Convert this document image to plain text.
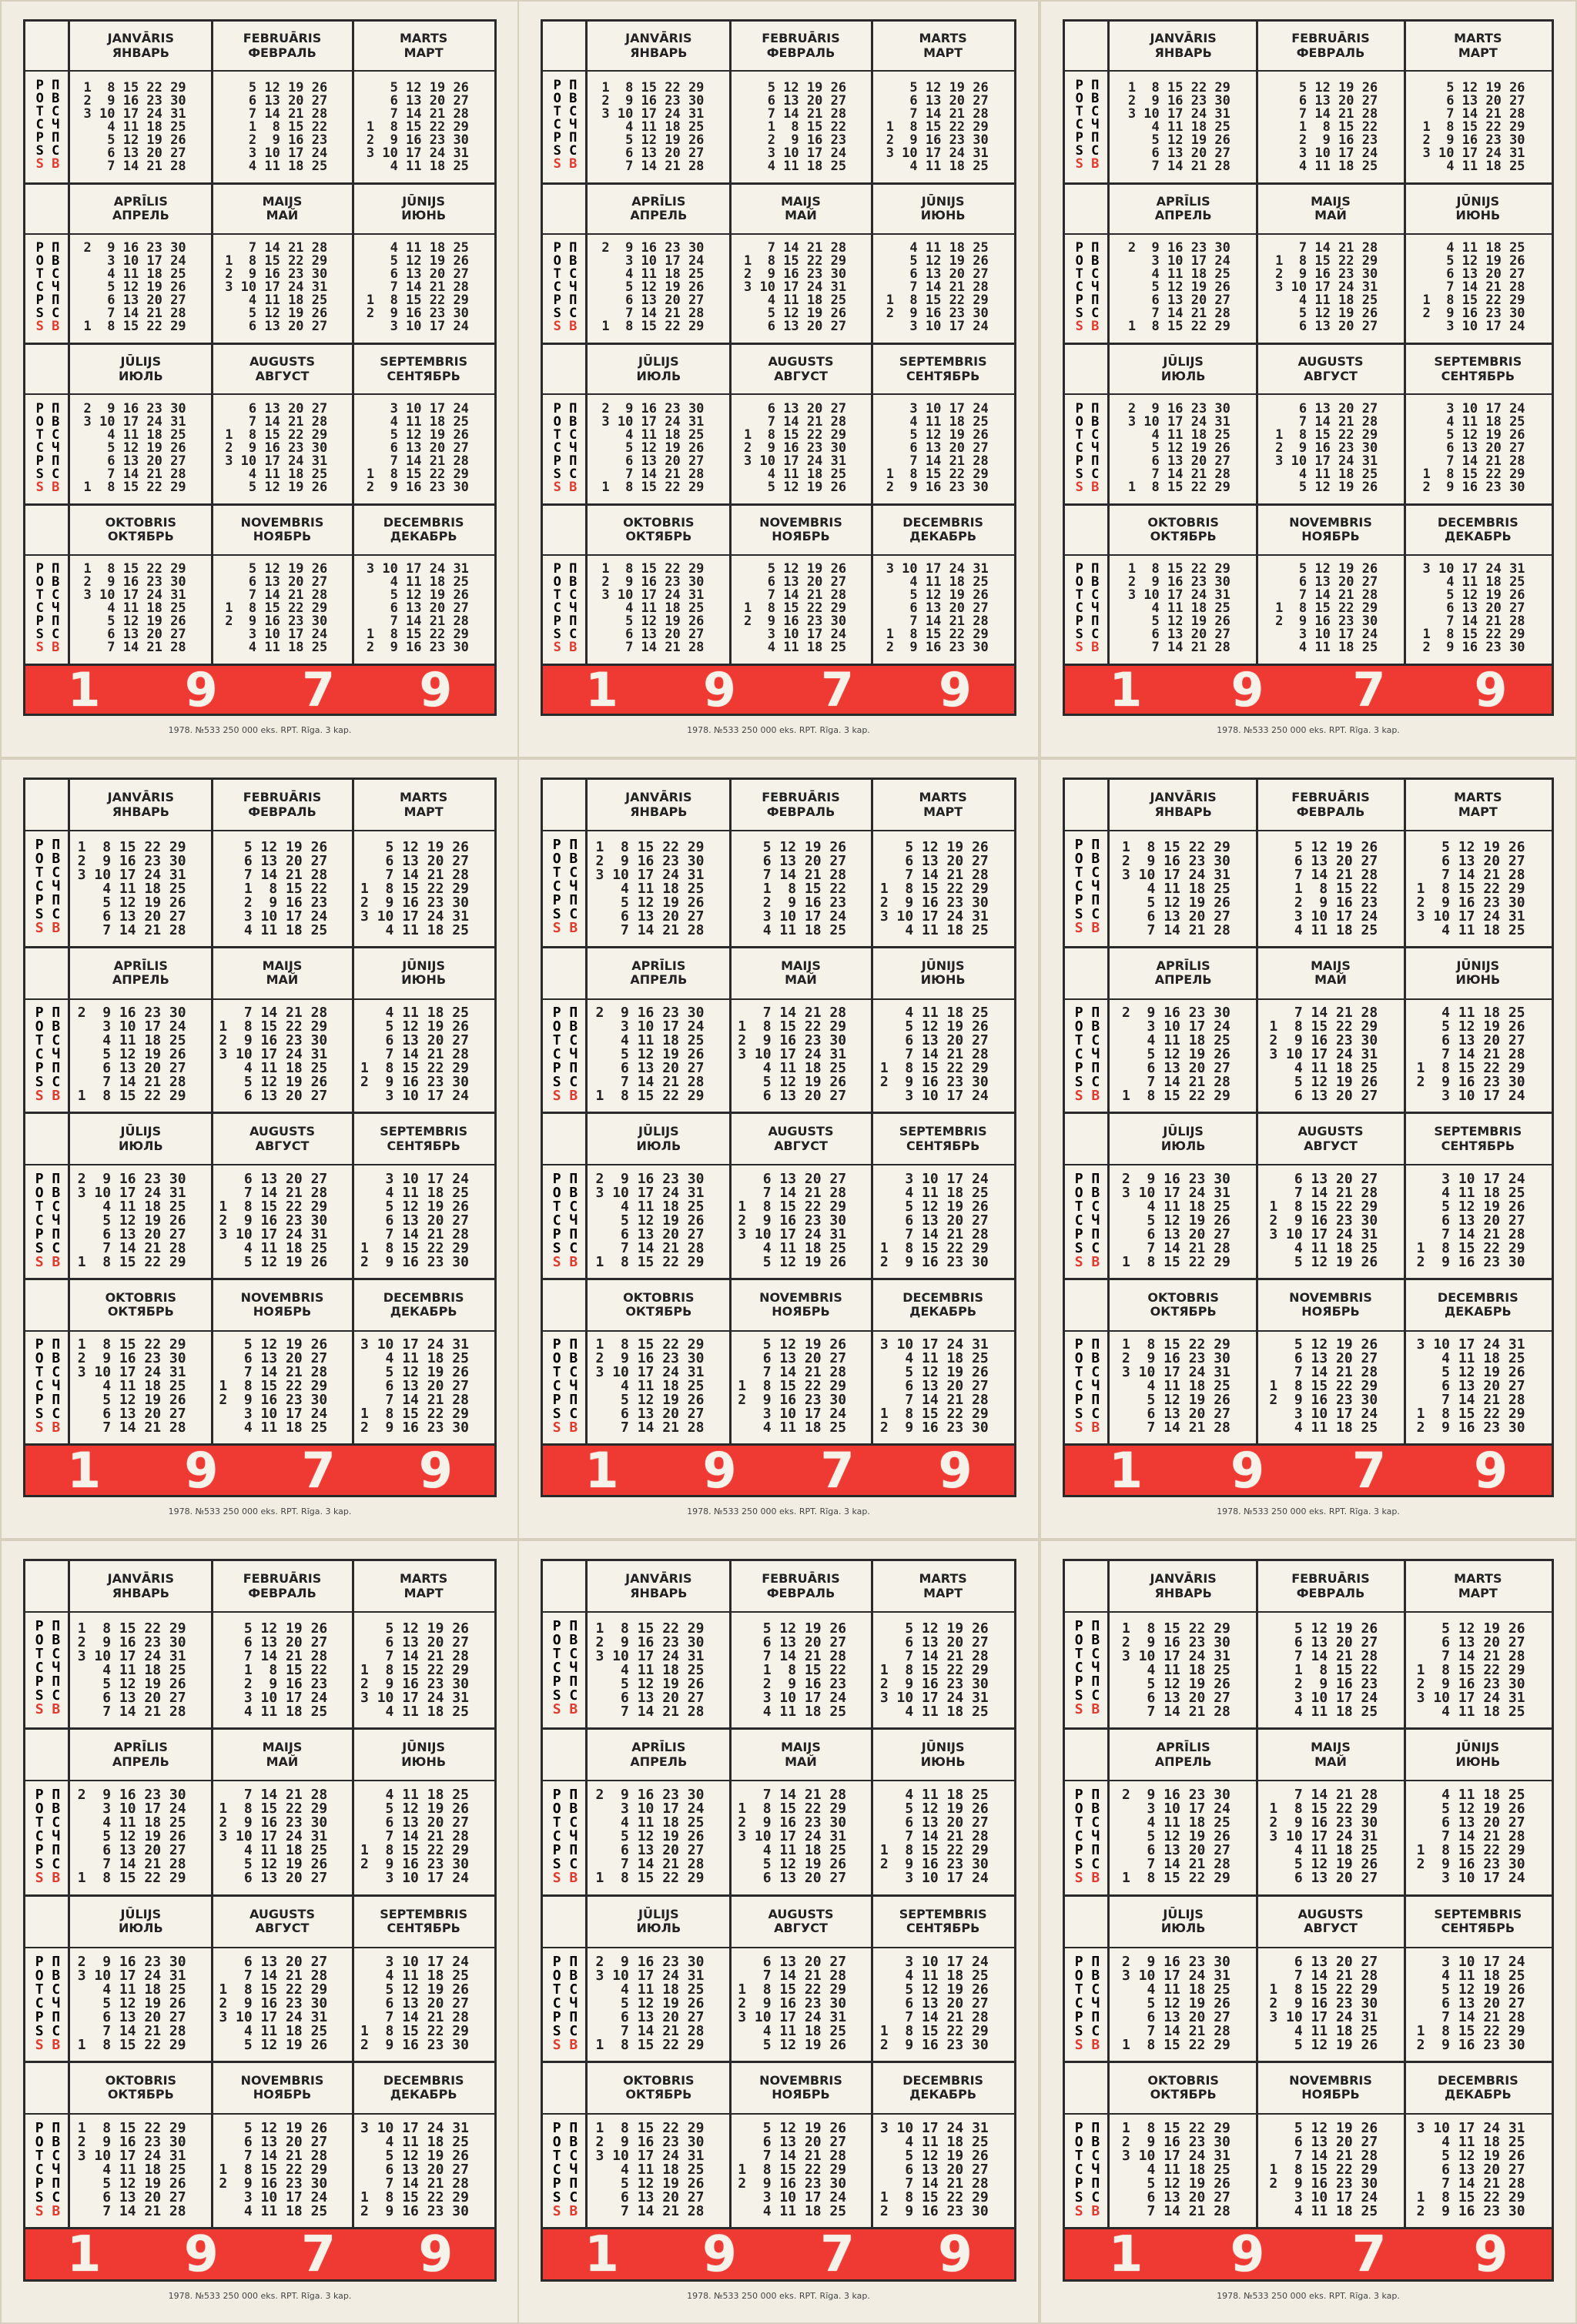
P П
O В
T С
C Ч
P П
S С
S B
JANVĀRIS
ЯНВАРЬ
1  8 15 22 29
2  9 16 23 30
3 10 17 24 31
4 11 18 25
5 12 19 26
6 13 20 27
7 14 21 28
FEBRUĀRIS
ФЕВРАЛЬ
5 12 19 26
6 13 20 27
7 14 21 28
1  8 15 22
2  9 16 23
3 10 17 24
4 11 18 25
MARTS
МАРТ
5 12 19 26
6 13 20 27
7 14 21 28
1  8 15 22 29
2  9 16 23 30
3 10 17 24 31
4 11 18 25
P П
O В
T С
C Ч
P П
S С
S B
APRĪLIS
АПРЕЛЬ
2  9 16 23 30
3 10 17 24
4 11 18 25
5 12 19 26
6 13 20 27
7 14 21 28
1  8 15 22 29
MAIJS
МАЙ
7 14 21 28
1  8 15 22 29
2  9 16 23 30
3 10 17 24 31
4 11 18 25
5 12 19 26
6 13 20 27
JŪNIJS
ИЮНЬ
4 11 18 25
5 12 19 26
6 13 20 27
7 14 21 28
1  8 15 22 29
2  9 16 23 30
3 10 17 24
P П
O В
T С
C Ч
P П
S С
S B
JŪLIJS
ИЮЛЬ
2  9 16 23 30
3 10 17 24 31
4 11 18 25
5 12 19 26
6 13 20 27
7 14 21 28
1  8 15 22 29
AUGUSTS
АВГУСТ
6 13 20 27
7 14 21 28
1  8 15 22 29
2  9 16 23 30
3 10 17 24 31
4 11 18 25
5 12 19 26
SEPTEMBRIS
СЕНТЯБРЬ
3 10 17 24
4 11 18 25
5 12 19 26
6 13 20 27
7 14 21 28
1  8 15 22 29
2  9 16 23 30
P П
O В
T С
C Ч
P П
S С
S B
OKTOBRIS
ОКТЯБРЬ
1  8 15 22 29
2  9 16 23 30
3 10 17 24 31
4 11 18 25
5 12 19 26
6 13 20 27
7 14 21 28
NOVEMBRIS
НОЯБРЬ
5 12 19 26
6 13 20 27
7 14 21 28
1  8 15 22 29
2  9 16 23 30
3 10 17 24
4 11 18 25
DECEMBRIS
ДЕКАБРЬ
3 10 17 24 31
4 11 18 25
5 12 19 26
6 13 20 27
7 14 21 28
1  8 15 22 29
2  9 16 23 30
1 9 7 9
1978. №533 250 000 eks. RPT. Rīga. 3 kap.
P П
O В
T С
C Ч
P П
S С
S B
JANVĀRIS
ЯНВАРЬ
1  8 15 22 29
2  9 16 23 30
3 10 17 24 31
4 11 18 25
5 12 19 26
6 13 20 27
7 14 21 28
FEBRUĀRIS
ФЕВРАЛЬ
5 12 19 26
6 13 20 27
7 14 21 28
1  8 15 22
2  9 16 23
3 10 17 24
4 11 18 25
MARTS
МАРТ
5 12 19 26
6 13 20 27
7 14 21 28
1  8 15 22 29
2  9 16 23 30
3 10 17 24 31
4 11 18 25
P П
O В
T С
C Ч
P П
S С
S B
APRĪLIS
АПРЕЛЬ
2  9 16 23 30
3 10 17 24
4 11 18 25
5 12 19 26
6 13 20 27
7 14 21 28
1  8 15 22 29
MAIJS
МАЙ
7 14 21 28
1  8 15 22 29
2  9 16 23 30
3 10 17 24 31
4 11 18 25
5 12 19 26
6 13 20 27
JŪNIJS
ИЮНЬ
4 11 18 25
5 12 19 26
6 13 20 27
7 14 21 28
1  8 15 22 29
2  9 16 23 30
3 10 17 24
P П
O В
T С
C Ч
P П
S С
S B
JŪLIJS
ИЮЛЬ
2  9 16 23 30
3 10 17 24 31
4 11 18 25
5 12 19 26
6 13 20 27
7 14 21 28
1  8 15 22 29
AUGUSTS
АВГУСТ
6 13 20 27
7 14 21 28
1  8 15 22 29
2  9 16 23 30
3 10 17 24 31
4 11 18 25
5 12 19 26
SEPTEMBRIS
СЕНТЯБРЬ
3 10 17 24
4 11 18 25
5 12 19 26
6 13 20 27
7 14 21 28
1  8 15 22 29
2  9 16 23 30
P П
O В
T С
C Ч
P П
S С
S B
OKTOBRIS
ОКТЯБРЬ
1  8 15 22 29
2  9 16 23 30
3 10 17 24 31
4 11 18 25
5 12 19 26
6 13 20 27
7 14 21 28
NOVEMBRIS
НОЯБРЬ
5 12 19 26
6 13 20 27
7 14 21 28
1  8 15 22 29
2  9 16 23 30
3 10 17 24
4 11 18 25
DECEMBRIS
ДЕКАБРЬ
3 10 17 24 31
4 11 18 25
5 12 19 26
6 13 20 27
7 14 21 28
1  8 15 22 29
2  9 16 23 30
1 9 7 9
1978. №533 250 000 eks. RPT. Rīga. 3 kap.
P П
O В
T С
C Ч
P П
S С
S B
JANVĀRIS
ЯНВАРЬ
1  8 15 22 29
2  9 16 23 30
3 10 17 24 31
4 11 18 25
5 12 19 26
6 13 20 27
7 14 21 28
FEBRUĀRIS
ФЕВРАЛЬ
5 12 19 26
6 13 20 27
7 14 21 28
1  8 15 22
2  9 16 23
3 10 17 24
4 11 18 25
MARTS
МАРТ
5 12 19 26
6 13 20 27
7 14 21 28
1  8 15 22 29
2  9 16 23 30
3 10 17 24 31
4 11 18 25
P П
O В
T С
C Ч
P П
S С
S B
APRĪLIS
АПРЕЛЬ
2  9 16 23 30
3 10 17 24
4 11 18 25
5 12 19 26
6 13 20 27
7 14 21 28
1  8 15 22 29
MAIJS
МАЙ
7 14 21 28
1  8 15 22 29
2  9 16 23 30
3 10 17 24 31
4 11 18 25
5 12 19 26
6 13 20 27
JŪNIJS
ИЮНЬ
4 11 18 25
5 12 19 26
6 13 20 27
7 14 21 28
1  8 15 22 29
2  9 16 23 30
3 10 17 24
P П
O В
T С
C Ч
P П
S С
S B
JŪLIJS
ИЮЛЬ
2  9 16 23 30
3 10 17 24 31
4 11 18 25
5 12 19 26
6 13 20 27
7 14 21 28
1  8 15 22 29
AUGUSTS
АВГУСТ
6 13 20 27
7 14 21 28
1  8 15 22 29
2  9 16 23 30
3 10 17 24 31
4 11 18 25
5 12 19 26
SEPTEMBRIS
СЕНТЯБРЬ
3 10 17 24
4 11 18 25
5 12 19 26
6 13 20 27
7 14 21 28
1  8 15 22 29
2  9 16 23 30
P П
O В
T С
C Ч
P П
S С
S B
OKTOBRIS
ОКТЯБРЬ
1  8 15 22 29
2  9 16 23 30
3 10 17 24 31
4 11 18 25
5 12 19 26
6 13 20 27
7 14 21 28
NOVEMBRIS
НОЯБРЬ
5 12 19 26
6 13 20 27
7 14 21 28
1  8 15 22 29
2  9 16 23 30
3 10 17 24
4 11 18 25
DECEMBRIS
ДЕКАБРЬ
3 10 17 24 31
4 11 18 25
5 12 19 26
6 13 20 27
7 14 21 28
1  8 15 22 29
2  9 16 23 30
1 9 7 9
1978. №533 250 000 eks. RPT. Rīga. 3 kap.
P П
O В
T С
C Ч
P П
S С
S B
JANVĀRIS
ЯНВАРЬ
1  8 15 22 29
2  9 16 23 30
3 10 17 24 31
4 11 18 25
5 12 19 26
6 13 20 27
7 14 21 28
FEBRUĀRIS
ФЕВРАЛЬ
5 12 19 26
6 13 20 27
7 14 21 28
1  8 15 22
2  9 16 23
3 10 17 24
4 11 18 25
MARTS
МАРТ
5 12 19 26
6 13 20 27
7 14 21 28
1  8 15 22 29
2  9 16 23 30
3 10 17 24 31
4 11 18 25
P П
O В
T С
C Ч
P П
S С
S B
APRĪLIS
АПРЕЛЬ
2  9 16 23 30
3 10 17 24
4 11 18 25
5 12 19 26
6 13 20 27
7 14 21 28
1  8 15 22 29
MAIJS
МАЙ
7 14 21 28
1  8 15 22 29
2  9 16 23 30
3 10 17 24 31
4 11 18 25
5 12 19 26
6 13 20 27
JŪNIJS
ИЮНЬ
4 11 18 25
5 12 19 26
6 13 20 27
7 14 21 28
1  8 15 22 29
2  9 16 23 30
3 10 17 24
P П
O В
T С
C Ч
P П
S С
S B
JŪLIJS
ИЮЛЬ
2  9 16 23 30
3 10 17 24 31
4 11 18 25
5 12 19 26
6 13 20 27
7 14 21 28
1  8 15 22 29
AUGUSTS
АВГУСТ
6 13 20 27
7 14 21 28
1  8 15 22 29
2  9 16 23 30
3 10 17 24 31
4 11 18 25
5 12 19 26
SEPTEMBRIS
СЕНТЯБРЬ
3 10 17 24
4 11 18 25
5 12 19 26
6 13 20 27
7 14 21 28
1  8 15 22 29
2  9 16 23 30
P П
O В
T С
C Ч
P П
S С
S B
OKTOBRIS
ОКТЯБРЬ
1  8 15 22 29
2  9 16 23 30
3 10 17 24 31
4 11 18 25
5 12 19 26
6 13 20 27
7 14 21 28
NOVEMBRIS
НОЯБРЬ
5 12 19 26
6 13 20 27
7 14 21 28
1  8 15 22 29
2  9 16 23 30
3 10 17 24
4 11 18 25
DECEMBRIS
ДЕКАБРЬ
3 10 17 24 31
4 11 18 25
5 12 19 26
6 13 20 27
7 14 21 28
1  8 15 22 29
2  9 16 23 30
1 9 7 9
1978. №533 250 000 eks. RPT. Rīga. 3 kap.
P П
O В
T С
C Ч
P П
S С
S B
JANVĀRIS
ЯНВАРЬ
1  8 15 22 29
2  9 16 23 30
3 10 17 24 31
4 11 18 25
5 12 19 26
6 13 20 27
7 14 21 28
FEBRUĀRIS
ФЕВРАЛЬ
5 12 19 26
6 13 20 27
7 14 21 28
1  8 15 22
2  9 16 23
3 10 17 24
4 11 18 25
MARTS
МАРТ
5 12 19 26
6 13 20 27
7 14 21 28
1  8 15 22 29
2  9 16 23 30
3 10 17 24 31
4 11 18 25
P П
O В
T С
C Ч
P П
S С
S B
APRĪLIS
АПРЕЛЬ
2  9 16 23 30
3 10 17 24
4 11 18 25
5 12 19 26
6 13 20 27
7 14 21 28
1  8 15 22 29
MAIJS
МАЙ
7 14 21 28
1  8 15 22 29
2  9 16 23 30
3 10 17 24 31
4 11 18 25
5 12 19 26
6 13 20 27
JŪNIJS
ИЮНЬ
4 11 18 25
5 12 19 26
6 13 20 27
7 14 21 28
1  8 15 22 29
2  9 16 23 30
3 10 17 24
P П
O В
T С
C Ч
P П
S С
S B
JŪLIJS
ИЮЛЬ
2  9 16 23 30
3 10 17 24 31
4 11 18 25
5 12 19 26
6 13 20 27
7 14 21 28
1  8 15 22 29
AUGUSTS
АВГУСТ
6 13 20 27
7 14 21 28
1  8 15 22 29
2  9 16 23 30
3 10 17 24 31
4 11 18 25
5 12 19 26
SEPTEMBRIS
СЕНТЯБРЬ
3 10 17 24
4 11 18 25
5 12 19 26
6 13 20 27
7 14 21 28
1  8 15 22 29
2  9 16 23 30
P П
O В
T С
C Ч
P П
S С
S B
OKTOBRIS
ОКТЯБРЬ
1  8 15 22 29
2  9 16 23 30
3 10 17 24 31
4 11 18 25
5 12 19 26
6 13 20 27
7 14 21 28
NOVEMBRIS
НОЯБРЬ
5 12 19 26
6 13 20 27
7 14 21 28
1  8 15 22 29
2  9 16 23 30
3 10 17 24
4 11 18 25
DECEMBRIS
ДЕКАБРЬ
3 10 17 24 31
4 11 18 25
5 12 19 26
6 13 20 27
7 14 21 28
1  8 15 22 29
2  9 16 23 30
1 9 7 9
1978. №533 250 000 eks. RPT. Rīga. 3 kap.
P П
O В
T С
C Ч
P П
S С
S B
JANVĀRIS
ЯНВАРЬ
1  8 15 22 29
2  9 16 23 30
3 10 17 24 31
4 11 18 25
5 12 19 26
6 13 20 27
7 14 21 28
FEBRUĀRIS
ФЕВРАЛЬ
5 12 19 26
6 13 20 27
7 14 21 28
1  8 15 22
2  9 16 23
3 10 17 24
4 11 18 25
MARTS
МАРТ
5 12 19 26
6 13 20 27
7 14 21 28
1  8 15 22 29
2  9 16 23 30
3 10 17 24 31
4 11 18 25
P П
O В
T С
C Ч
P П
S С
S B
APRĪLIS
АПРЕЛЬ
2  9 16 23 30
3 10 17 24
4 11 18 25
5 12 19 26
6 13 20 27
7 14 21 28
1  8 15 22 29
MAIJS
МАЙ
7 14 21 28
1  8 15 22 29
2  9 16 23 30
3 10 17 24 31
4 11 18 25
5 12 19 26
6 13 20 27
JŪNIJS
ИЮНЬ
4 11 18 25
5 12 19 26
6 13 20 27
7 14 21 28
1  8 15 22 29
2  9 16 23 30
3 10 17 24
P П
O В
T С
C Ч
P П
S С
S B
JŪLIJS
ИЮЛЬ
2  9 16 23 30
3 10 17 24 31
4 11 18 25
5 12 19 26
6 13 20 27
7 14 21 28
1  8 15 22 29
AUGUSTS
АВГУСТ
6 13 20 27
7 14 21 28
1  8 15 22 29
2  9 16 23 30
3 10 17 24 31
4 11 18 25
5 12 19 26
SEPTEMBRIS
СЕНТЯБРЬ
3 10 17 24
4 11 18 25
5 12 19 26
6 13 20 27
7 14 21 28
1  8 15 22 29
2  9 16 23 30
P П
O В
T С
C Ч
P П
S С
S B
OKTOBRIS
ОКТЯБРЬ
1  8 15 22 29
2  9 16 23 30
3 10 17 24 31
4 11 18 25
5 12 19 26
6 13 20 27
7 14 21 28
NOVEMBRIS
НОЯБРЬ
5 12 19 26
6 13 20 27
7 14 21 28
1  8 15 22 29
2  9 16 23 30
3 10 17 24
4 11 18 25
DECEMBRIS
ДЕКАБРЬ
3 10 17 24 31
4 11 18 25
5 12 19 26
6 13 20 27
7 14 21 28
1  8 15 22 29
2  9 16 23 30
1 9 7 9
1978. №533 250 000 eks. RPT. Rīga. 3 kap.
P П
O В
T С
C Ч
P П
S С
S B
JANVĀRIS
ЯНВАРЬ
1  8 15 22 29
2  9 16 23 30
3 10 17 24 31
4 11 18 25
5 12 19 26
6 13 20 27
7 14 21 28
FEBRUĀRIS
ФЕВРАЛЬ
5 12 19 26
6 13 20 27
7 14 21 28
1  8 15 22
2  9 16 23
3 10 17 24
4 11 18 25
MARTS
МАРТ
5 12 19 26
6 13 20 27
7 14 21 28
1  8 15 22 29
2  9 16 23 30
3 10 17 24 31
4 11 18 25
P П
O В
T С
C Ч
P П
S С
S B
APRĪLIS
АПРЕЛЬ
2  9 16 23 30
3 10 17 24
4 11 18 25
5 12 19 26
6 13 20 27
7 14 21 28
1  8 15 22 29
MAIJS
МАЙ
7 14 21 28
1  8 15 22 29
2  9 16 23 30
3 10 17 24 31
4 11 18 25
5 12 19 26
6 13 20 27
JŪNIJS
ИЮНЬ
4 11 18 25
5 12 19 26
6 13 20 27
7 14 21 28
1  8 15 22 29
2  9 16 23 30
3 10 17 24
P П
O В
T С
C Ч
P П
S С
S B
JŪLIJS
ИЮЛЬ
2  9 16 23 30
3 10 17 24 31
4 11 18 25
5 12 19 26
6 13 20 27
7 14 21 28
1  8 15 22 29
AUGUSTS
АВГУСТ
6 13 20 27
7 14 21 28
1  8 15 22 29
2  9 16 23 30
3 10 17 24 31
4 11 18 25
5 12 19 26
SEPTEMBRIS
СЕНТЯБРЬ
3 10 17 24
4 11 18 25
5 12 19 26
6 13 20 27
7 14 21 28
1  8 15 22 29
2  9 16 23 30
P П
O В
T С
C Ч
P П
S С
S B
OKTOBRIS
ОКТЯБРЬ
1  8 15 22 29
2  9 16 23 30
3 10 17 24 31
4 11 18 25
5 12 19 26
6 13 20 27
7 14 21 28
NOVEMBRIS
НОЯБРЬ
5 12 19 26
6 13 20 27
7 14 21 28
1  8 15 22 29
2  9 16 23 30
3 10 17 24
4 11 18 25
DECEMBRIS
ДЕКАБРЬ
3 10 17 24 31
4 11 18 25
5 12 19 26
6 13 20 27
7 14 21 28
1  8 15 22 29
2  9 16 23 30
1 9 7 9
1978. №533 250 000 eks. RPT. Rīga. 3 kap.
P П
O В
T С
C Ч
P П
S С
S B
JANVĀRIS
ЯНВАРЬ
1  8 15 22 29
2  9 16 23 30
3 10 17 24 31
4 11 18 25
5 12 19 26
6 13 20 27
7 14 21 28
FEBRUĀRIS
ФЕВРАЛЬ
5 12 19 26
6 13 20 27
7 14 21 28
1  8 15 22
2  9 16 23
3 10 17 24
4 11 18 25
MARTS
МАРТ
5 12 19 26
6 13 20 27
7 14 21 28
1  8 15 22 29
2  9 16 23 30
3 10 17 24 31
4 11 18 25
P П
O В
T С
C Ч
P П
S С
S B
APRĪLIS
АПРЕЛЬ
2  9 16 23 30
3 10 17 24
4 11 18 25
5 12 19 26
6 13 20 27
7 14 21 28
1  8 15 22 29
MAIJS
МАЙ
7 14 21 28
1  8 15 22 29
2  9 16 23 30
3 10 17 24 31
4 11 18 25
5 12 19 26
6 13 20 27
JŪNIJS
ИЮНЬ
4 11 18 25
5 12 19 26
6 13 20 27
7 14 21 28
1  8 15 22 29
2  9 16 23 30
3 10 17 24
P П
O В
T С
C Ч
P П
S С
S B
JŪLIJS
ИЮЛЬ
2  9 16 23 30
3 10 17 24 31
4 11 18 25
5 12 19 26
6 13 20 27
7 14 21 28
1  8 15 22 29
AUGUSTS
АВГУСТ
6 13 20 27
7 14 21 28
1  8 15 22 29
2  9 16 23 30
3 10 17 24 31
4 11 18 25
5 12 19 26
SEPTEMBRIS
СЕНТЯБРЬ
3 10 17 24
4 11 18 25
5 12 19 26
6 13 20 27
7 14 21 28
1  8 15 22 29
2  9 16 23 30
P П
O В
T С
C Ч
P П
S С
S B
OKTOBRIS
ОКТЯБРЬ
1  8 15 22 29
2  9 16 23 30
3 10 17 24 31
4 11 18 25
5 12 19 26
6 13 20 27
7 14 21 28
NOVEMBRIS
НОЯБРЬ
5 12 19 26
6 13 20 27
7 14 21 28
1  8 15 22 29
2  9 16 23 30
3 10 17 24
4 11 18 25
DECEMBRIS
ДЕКАБРЬ
3 10 17 24 31
4 11 18 25
5 12 19 26
6 13 20 27
7 14 21 28
1  8 15 22 29
2  9 16 23 30
1 9 7 9
1978. №533 250 000 eks. RPT. Rīga. 3 kap.
P П
O В
T С
C Ч
P П
S С
S B
JANVĀRIS
ЯНВАРЬ
1  8 15 22 29
2  9 16 23 30
3 10 17 24 31
4 11 18 25
5 12 19 26
6 13 20 27
7 14 21 28
FEBRUĀRIS
ФЕВРАЛЬ
5 12 19 26
6 13 20 27
7 14 21 28
1  8 15 22
2  9 16 23
3 10 17 24
4 11 18 25
MARTS
МАРТ
5 12 19 26
6 13 20 27
7 14 21 28
1  8 15 22 29
2  9 16 23 30
3 10 17 24 31
4 11 18 25
P П
O В
T С
C Ч
P П
S С
S B
APRĪLIS
АПРЕЛЬ
2  9 16 23 30
3 10 17 24
4 11 18 25
5 12 19 26
6 13 20 27
7 14 21 28
1  8 15 22 29
MAIJS
МАЙ
7 14 21 28
1  8 15 22 29
2  9 16 23 30
3 10 17 24 31
4 11 18 25
5 12 19 26
6 13 20 27
JŪNIJS
ИЮНЬ
4 11 18 25
5 12 19 26
6 13 20 27
7 14 21 28
1  8 15 22 29
2  9 16 23 30
3 10 17 24
P П
O В
T С
C Ч
P П
S С
S B
JŪLIJS
ИЮЛЬ
2  9 16 23 30
3 10 17 24 31
4 11 18 25
5 12 19 26
6 13 20 27
7 14 21 28
1  8 15 22 29
AUGUSTS
АВГУСТ
6 13 20 27
7 14 21 28
1  8 15 22 29
2  9 16 23 30
3 10 17 24 31
4 11 18 25
5 12 19 26
SEPTEMBRIS
СЕНТЯБРЬ
3 10 17 24
4 11 18 25
5 12 19 26
6 13 20 27
7 14 21 28
1  8 15 22 29
2  9 16 23 30
P П
O В
T С
C Ч
P П
S С
S B
OKTOBRIS
ОКТЯБРЬ
1  8 15 22 29
2  9 16 23 30
3 10 17 24 31
4 11 18 25
5 12 19 26
6 13 20 27
7 14 21 28
NOVEMBRIS
НОЯБРЬ
5 12 19 26
6 13 20 27
7 14 21 28
1  8 15 22 29
2  9 16 23 30
3 10 17 24
4 11 18 25
DECEMBRIS
ДЕКАБРЬ
3 10 17 24 31
4 11 18 25
5 12 19 26
6 13 20 27
7 14 21 28
1  8 15 22 29
2  9 16 23 30
1 9 7 9
1978. №533 250 000 eks. RPT. Rīga. 3 kap.
